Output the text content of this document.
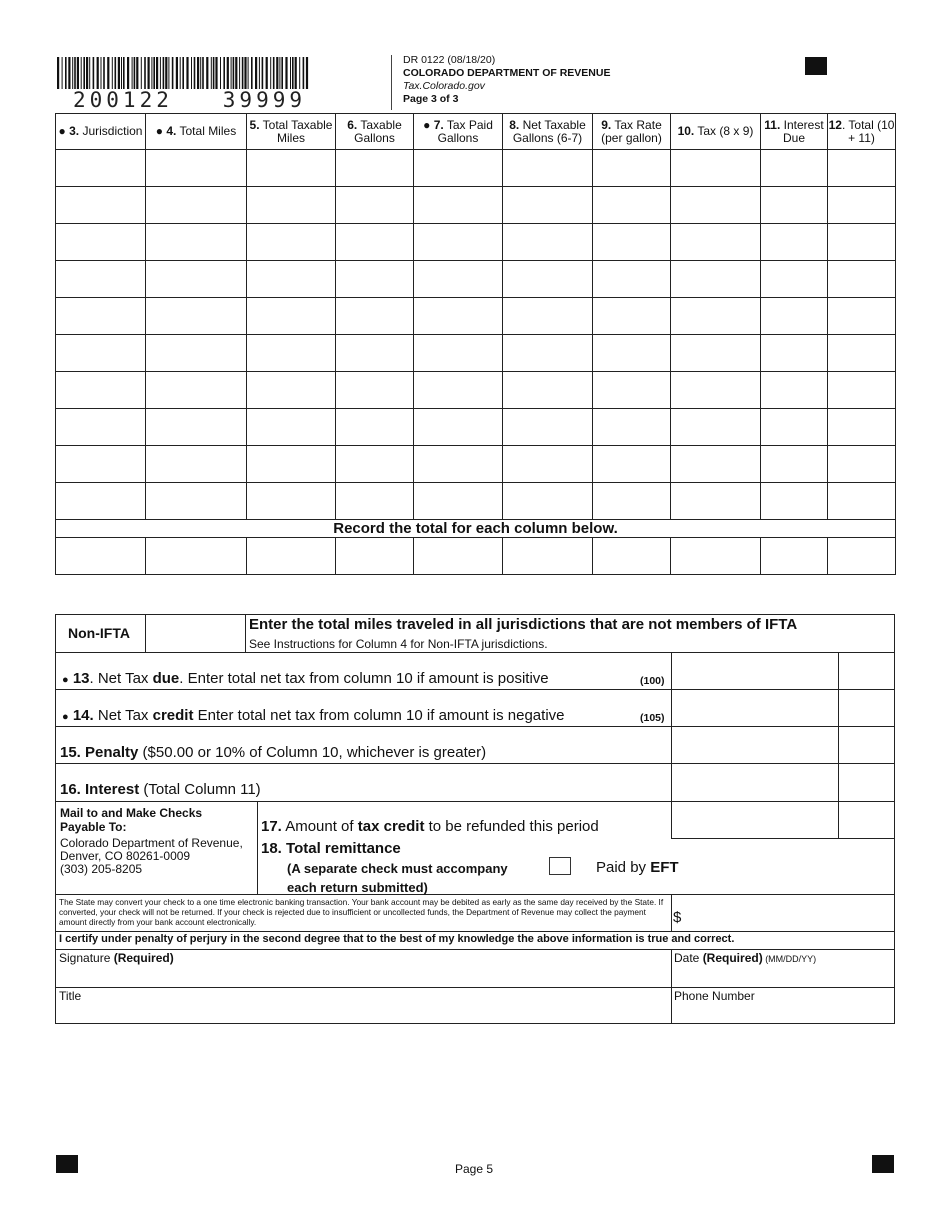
200122   39999
DR 0122 (08/18/20)
COLORADO DEPARTMENT OF REVENUE
Tax.Colorado.gov
Page 3 of 3
● 3. Jurisdiction	● 4. Total Miles	5. Total Taxable Miles	6. Taxable Gallons	● 7. Tax Paid Gallons	8. Net Taxable Gallons (6-7)	9. Tax Rate (per gallon)	10. Tax (8 x 9)	11. Interest Due	12. Total (10 + 11)

Record the total for each column below.									

Non-IFTA	Enter the total miles traveled in all jurisdictions that are not members of IFTA
See Instructions for Column 4 for Non-IFTA jurisdictions.
● 13. Net Tax due. Enter total net tax from column 10 if amount is positive	(100)
● 14. Net Tax credit Enter total net tax from column 10 if amount is negative	(105)
15. Penalty ($50.00 or 10% of Column 10, whichever is greater)
16. Interest (Total Column 11)
Mail to and Make Checks
Payable To:
Colorado Department of Revenue,
Denver, CO 80261-0009
(303) 205-8205
17. Amount of tax credit to be refunded this period
18. Total remittance
(A separate check must accompany
each return submitted)
Paid by EFT
The State may convert your check to a one time electronic banking transaction. Your bank account may be debited as early as the same day received by the State. If converted, your check will not be returned. If your check is rejected due to insufficient or uncollected funds, the Department of Revenue may collect the payment amount directly from your bank account electronically.	$
I certify under penalty of perjury in the second degree that to the best of my knowledge the above information is true and correct.
Signature (Required)	Date (Required) (MM/DD/YY)
Title	Phone Number
Page 5
